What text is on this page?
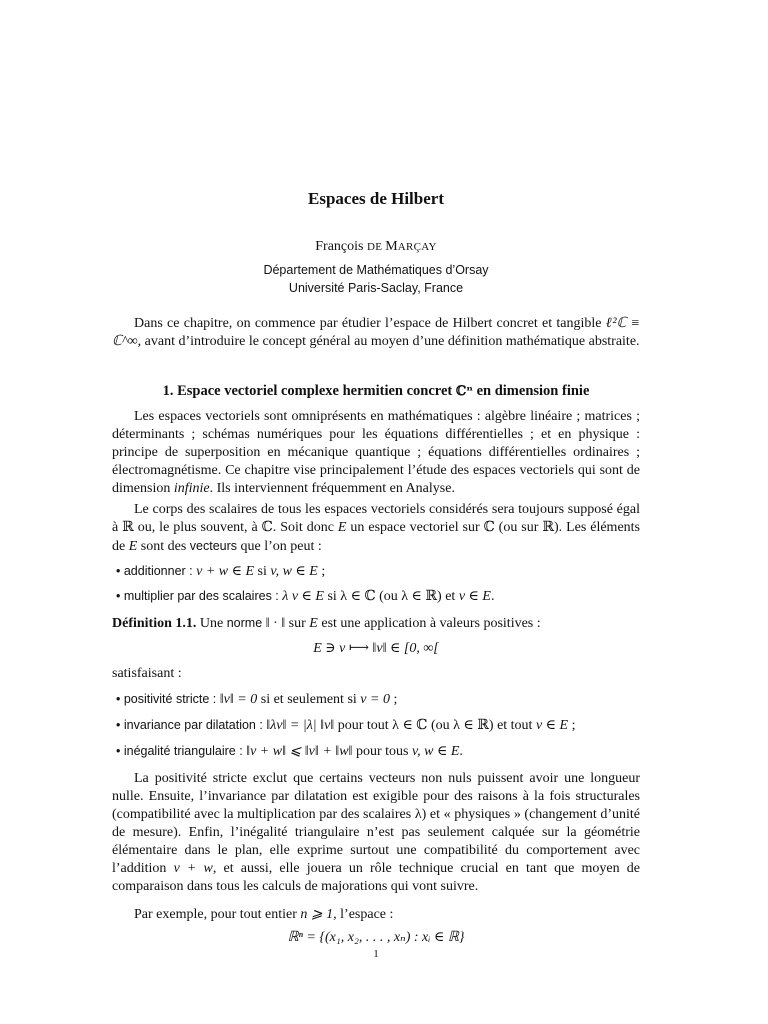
Espaces de Hilbert
François DE MARÇAY
Département de Mathématiques d’Orsay
Université Paris-Saclay, France
Dans ce chapitre, on commence par étudier l’espace de Hilbert concret et tangible ℓ²ℂ ≡ ℂ^∞, avant d’introduire le concept général au moyen d’une définition mathématique abstraite.
1. Espace vectoriel complexe hermitien concret ℂⁿ en dimension finie
Les espaces vectoriels sont omniprésents en mathématiques : algèbre linéaire ; matrices ; déterminants ; schémas numériques pour les équations différentielles ; et en physique : principe de superposition en mécanique quantique ; équations différentielles ordinaires ; électromagnétisme. Ce chapitre vise principalement l’étude des espaces vectoriels qui sont de dimension infinie. Ils interviennent fréquemment en Analyse.
Le corps des scalaires de tous les espaces vectoriels considérés sera toujours supposé égal à ℝ ou, le plus souvent, à ℂ. Soit donc E un espace vectoriel sur ℂ (ou sur ℝ). Les éléments de E sont des vecteurs que l’on peut :
• additionner : v + w ∈ E si v, w ∈ E ;
• multiplier par des scalaires : λ v ∈ E si λ ∈ ℂ (ou λ ∈ ℝ) et v ∈ E.
Définition 1.1. Une norme ‖ · ‖ sur E est une application à valeurs positives :
E ∋ v ⟼ ‖v‖ ∈ [0, ∞[
satisfaisant :
• positivité stricte : ‖v‖ = 0 si et seulement si v = 0 ;
• invariance par dilatation : ‖λv‖ = |λ| ‖v‖ pour tout λ ∈ ℂ (ou λ ∈ ℝ) et tout v ∈ E ;
• inégalité triangulaire : ‖v + w‖ ⩽ ‖v‖ + ‖w‖ pour tous v, w ∈ E.
La positivité stricte exclut que certains vecteurs non nuls puissent avoir une longueur nulle. Ensuite, l’invariance par dilatation est exigible pour des raisons à la fois structurales (compatibilité avec la multiplication par des scalaires λ) et « physiques » (changement d’unité de mesure). Enfin, l’inégalité triangulaire n’est pas seulement calquée sur la géométrie élémentaire dans le plan, elle exprime surtout une compatibilité du comportement avec l’addition v + w, et aussi, elle jouera un rôle technique crucial en tant que moyen de comparaison dans tous les calculs de majorations qui vont suivre.
Par exemple, pour tout entier n ⩾ 1, l’espace :
ℝⁿ = {(x₁, x₂, . . . , xₙ) : xᵢ ∈ ℝ}
1
